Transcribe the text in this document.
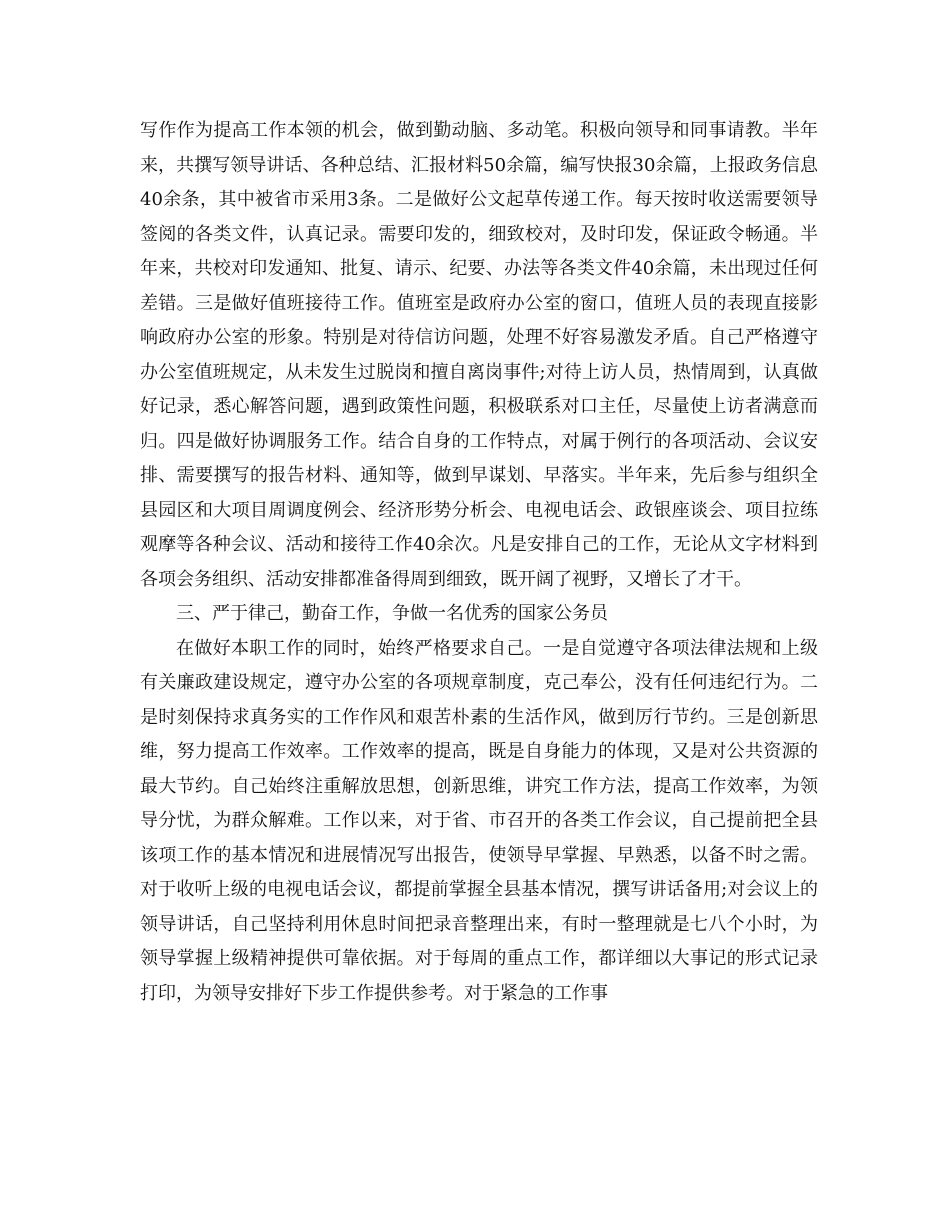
写作作为提高工作本领的机会，做到勤动脑、多动笔。积极向领导和同事请教。半年来，共撰写领导讲话、各种总结、汇报材料50余篇，编写快报30余篇，上报政务信息40余条，其中被省市采用3条。二是做好公文起草传递工作。每天按时收送需要领导签阅的各类文件，认真记录。需要印发的，细致校对，及时印发，保证政令畅通。半年来，共校对印发通知、批复、请示、纪要、办法等各类文件40余篇，未出现过任何差错。三是做好值班接待工作。值班室是政府办公室的窗口，值班人员的表现直接影响政府办公室的形象。特别是对待信访问题，处理不好容易激发矛盾。自己严格遵守办公室值班规定，从未发生过脱岗和擅自离岗事件;对待上访人员，热情周到，认真做好记录，悉心解答问题，遇到政策性问题，积极联系对口主任，尽量使上访者满意而归。四是做好协调服务工作。结合自身的工作特点，对属于例行的各项活动、会议安排、需要撰写的报告材料、通知等，做到早谋划、早落实。半年来，先后参与组织全县园区和大项目周调度例会、经济形势分析会、电视电话会、政银座谈会、项目拉练观摩等各种会议、活动和接待工作40余次。凡是安排自己的工作，无论从文字材料到各项会务组织、活动安排都准备得周到细致，既开阔了视野，又增长了才干。

三、严于律己，勤奋工作，争做一名优秀的国家公务员

在做好本职工作的同时，始终严格要求自己。一是自觉遵守各项法律法规和上级有关廉政建设规定，遵守办公室的各项规章制度，克己奉公，没有任何违纪行为。二是时刻保持求真务实的工作作风和艰苦朴素的生活作风，做到厉行节约。三是创新思维，努力提高工作效率。工作效率的提高，既是自身能力的体现，又是对公共资源的最大节约。自己始终注重解放思想，创新思维，讲究工作方法，提高工作效率，为领导分忧，为群众解难。工作以来，对于省、市召开的各类工作会议，自己提前把全县该项工作的基本情况和进展情况写出报告，使领导早掌握、早熟悉，以备不时之需。对于收听上级的电视电话会议，都提前掌握全县基本情况，撰写讲话备用;对会议上的领导讲话，自己坚持利用休息时间把录音整理出来，有时一整理就是七八个小时，为领导掌握上级精神提供可靠依据。对于每周的重点工作，都详细以大事记的形式记录打印，为领导安排好下步工作提供参考。对于紧急的工作事
